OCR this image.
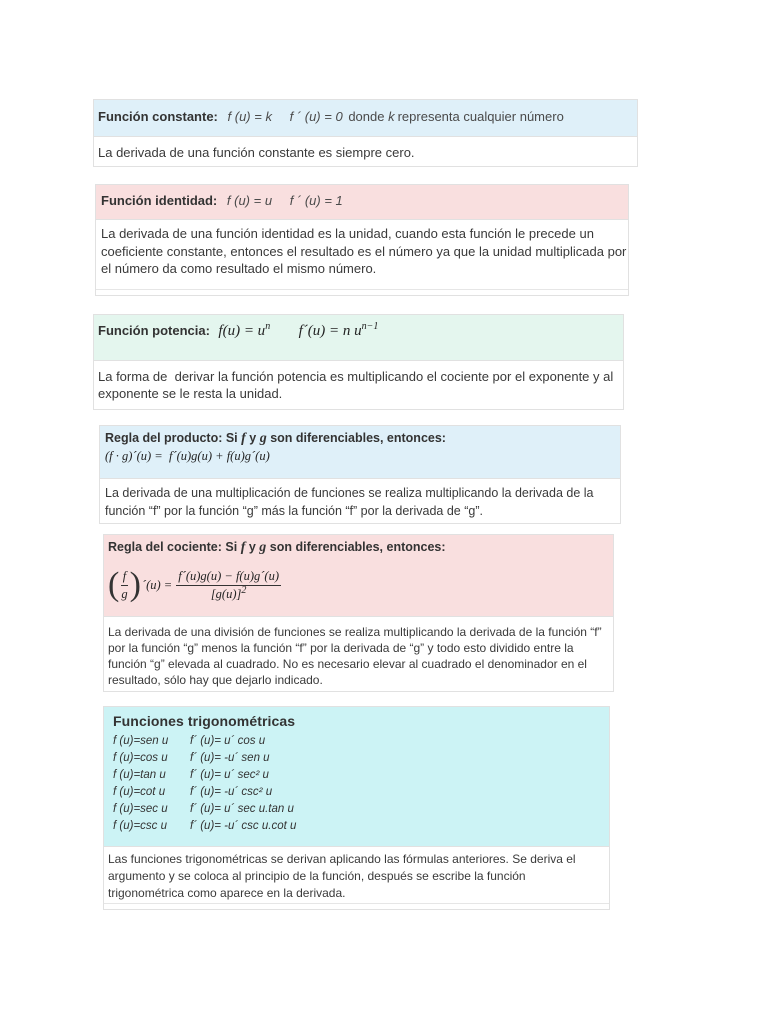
Función constante: f (u) = k f ´ (u) = 0 donde k representa cualquier número
La derivada de una función constante es siempre cero.
Función identidad: f (u) = u f ´ (u) = 1
La derivada de una función identidad es la unidad, cuando esta función le precede un
coeficiente constante, entonces el resultado es el número ya que la unidad multiplicada por
el número da como resultado el mismo número.
Función potencia: $f(u) = u^n$ f´(u) = n $u^{n-1}$
La forma de  derivar la función potencia es multiplicando el cociente por el exponente y al
exponente se le resta la unidad.
Regla del producto: Si f y g son diferenciables, entonces:
(f · g)´(u) =  f´(u)g(u) + f(u)g´(u)
La derivada de una multiplicación de funciones se realiza multiplicando la derivada de la
función “f” por la función “g” más la función “f” por la derivada de “g”.
Regla del cociente: Si f y g son diferenciables, entonces:
( $\frac{f}{g}$ ) ´(u) = $\frac{f´(u)g(u) - f(u)g´(u)}{[g(u)]^2}$
La derivada de una división de funciones se realiza multiplicando la derivada de la función “f”
por la función “g” menos la función “f” por la derivada de “g” y todo esto dividido entre la
función “g” elevada al cuadrado. No es necesario elevar al cuadrado el denominador en el
resultado, sólo hay que dejarlo indicado.
Funciones trigonométricas
f (u)=sen u	f´ (u)= u´ cos u
f (u)=cos u	f´ (u)= -u´ sen u
f (u)=tan u	f´ (u)= u´ sec² u
f (u)=cot u	f´ (u)= -u´ csc² u
f (u)=sec u	f´ (u)= u´ sec u.tan u
f (u)=csc u	f´ (u)= -u´ csc u.cot u
Las funciones trigonométricas se derivan aplicando las fórmulas anteriores. Se deriva el
argumento y se coloca al principio de la función, después se escribe la función
trigonométrica como aparece en la derivada.
